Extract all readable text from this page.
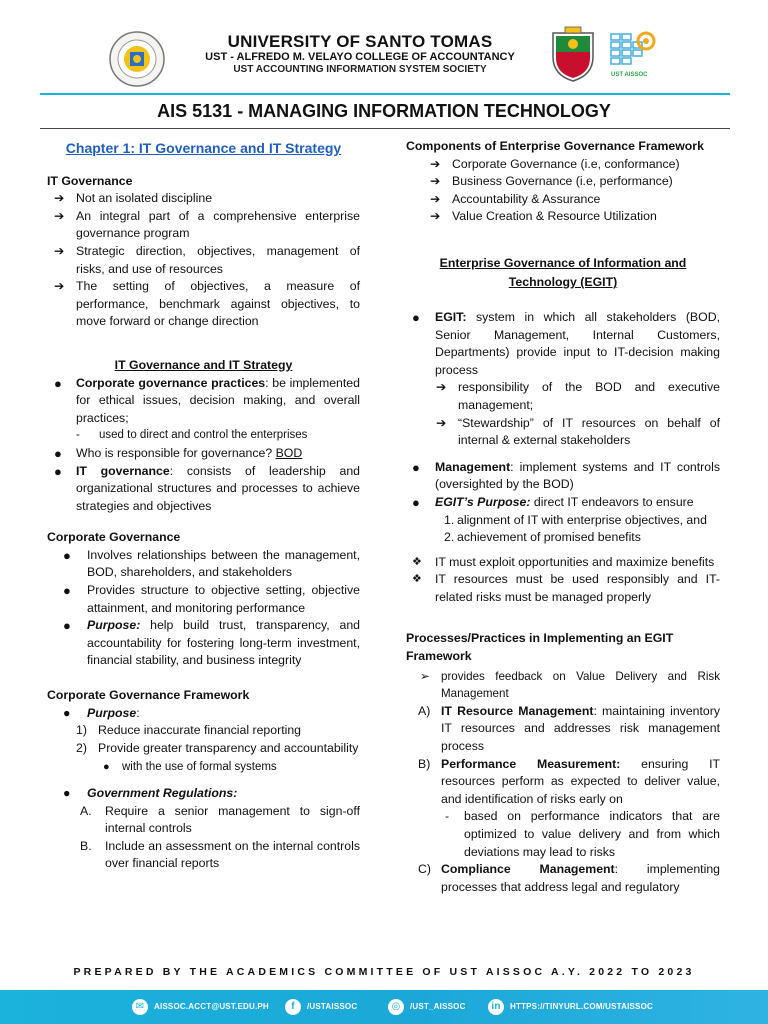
UNIVERSITY OF SANTO TOMAS
UST - ALFREDO M. VELAYO COLLEGE OF ACCOUNTANCY
UST ACCOUNTING INFORMATION SYSTEM SOCIETY	UST AISSOC
AIS 5131 - MANAGING INFORMATION TECHNOLOGY
Chapter 1: IT Governance and IT Strategy
IT Governance
➔ Not an isolated discipline
➔ An integral part of a comprehensive enterprise governance program
➔ Strategic direction, objectives, management of risks, and use of resources
➔ The setting of objectives, a measure of performance, benchmark against objectives, to move forward or change direction
IT Governance and IT Strategy
● Corporate governance practices: be implemented for ethical issues, decision making, and overall practices;
- used to direct and control the enterprises
● Who is responsible for governance? BOD
● IT governance: consists of leadership and organizational structures and processes to achieve strategies and objectives
Corporate Governance
● Involves relationships between the management, BOD, shareholders, and stakeholders
● Provides structure to objective setting, objective attainment, and monitoring performance
● Purpose: help build trust, transparency, and accountability for fostering long-term investment, financial stability, and business integrity
Corporate Governance Framework
● Purpose:
1) Reduce inaccurate financial reporting
2) Provide greater transparency and accountability
● with the use of formal systems
● Government Regulations:
A. Require a senior management to sign-off internal controls
B. Include an assessment on the internal controls over financial reports
Components of Enterprise Governance Framework
➔ Corporate Governance (i.e, conformance)
➔ Business Governance (i.e, performance)
➔ Accountability & Assurance
➔ Value Creation & Resource Utilization
Enterprise Governance of Information and Technology (EGIT)
● EGIT: system in which all stakeholders (BOD, Senior Management, Internal Customers, Departments) provide input to IT-decision making process
➔ responsibility of the BOD and executive management;
➔ “Stewardship” of IT resources on behalf of internal & external stakeholders
● Management: implement systems and IT controls (oversighted by the BOD)
● EGIT’s Purpose: direct IT endeavors to ensure
1. alignment of IT with enterprise objectives, and
2. achievement of promised benefits
❖ IT must exploit opportunities and maximize benefits
❖ IT resources must be used responsibly and IT-related risks must be managed properly
Processes/Practices in Implementing an EGIT Framework
➢ provides feedback on Value Delivery and Risk Management
A) IT Resource Management: maintaining inventory IT resources and addresses risk management process
B) Performance Measurement: ensuring IT resources perform as expected to deliver value, and identification of risks early on
- based on performance indicators that are optimized to value delivery and from which deviations may lead to risks
C) Compliance Management: implementing processes that address legal and regulatory
PREPARED BY THE ACADEMICS COMMITTEE OF UST AISSOC A.Y. 2022 TO 2023
✉ AISSOC.ACCT@UST.EDU.PH	f /USTAISSOC	◎ /UST_AISSOC	in HTTPS://TINYURL.COM/USTAISSOC
